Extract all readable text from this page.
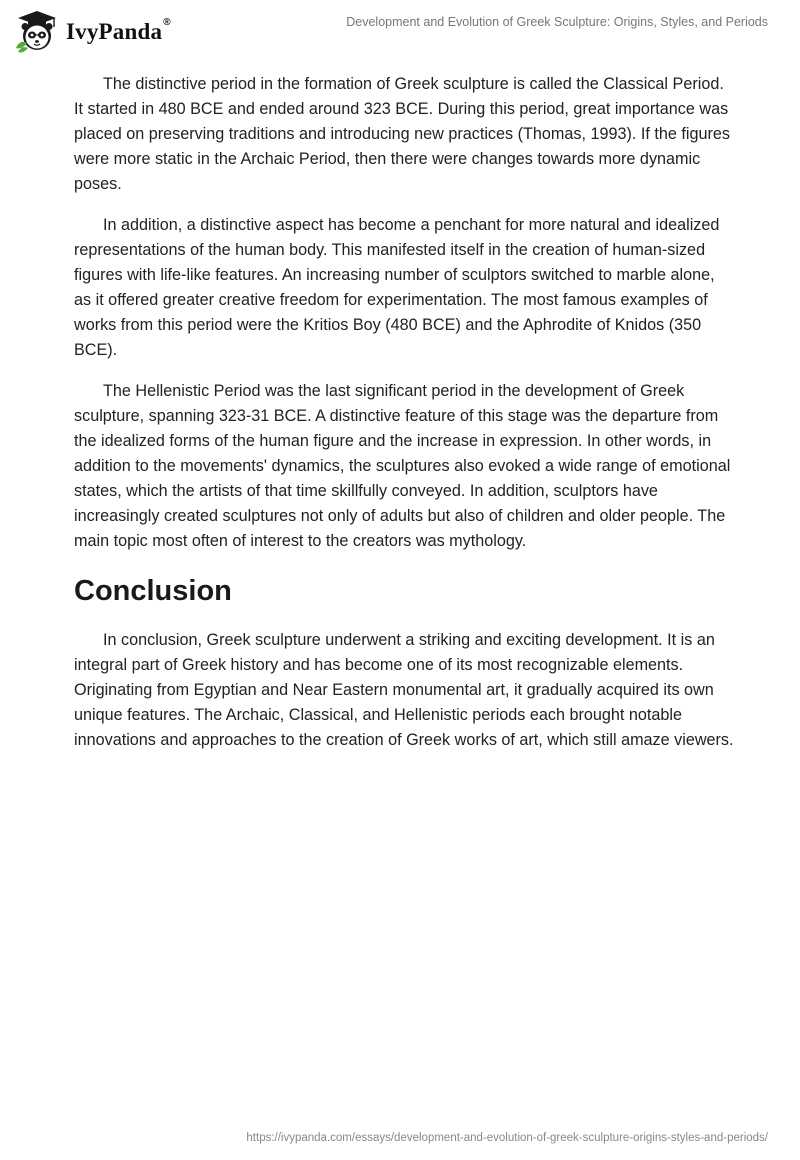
IvyPanda®	Development and Evolution of Greek Sculpture: Origins, Styles, and Periods

The distinctive period in the formation of Greek sculpture is called the Classical Period. It started in 480 BCE and ended around 323 BCE. During this period, great importance was placed on preserving traditions and introducing new practices (Thomas, 1993). If the figures were more static in the Archaic Period, then there were changes towards more dynamic poses.

In addition, a distinctive aspect has become a penchant for more natural and idealized representations of the human body. This manifested itself in the creation of human-sized figures with life-like features. An increasing number of sculptors switched to marble alone, as it offered greater creative freedom for experimentation. The most famous examples of works from this period were the Kritios Boy (480 BCE) and the Aphrodite of Knidos (350 BCE).

The Hellenistic Period was the last significant period in the development of Greek sculpture, spanning 323-31 BCE. A distinctive feature of this stage was the departure from the idealized forms of the human figure and the increase in expression. In other words, in addition to the movements' dynamics, the sculptures also evoked a wide range of emotional states, which the artists of that time skillfully conveyed. In addition, sculptors have increasingly created sculptures not only of adults but also of children and older people. The main topic most often of interest to the creators was mythology.

Conclusion

In conclusion, Greek sculpture underwent a striking and exciting development. It is an integral part of Greek history and has become one of its most recognizable elements. Originating from Egyptian and Near Eastern monumental art, it gradually acquired its own unique features. The Archaic, Classical, and Hellenistic periods each brought notable innovations and approaches to the creation of Greek works of art, which still amaze viewers.

https://ivypanda.com/essays/development-and-evolution-of-greek-sculpture-origins-styles-and-periods/
